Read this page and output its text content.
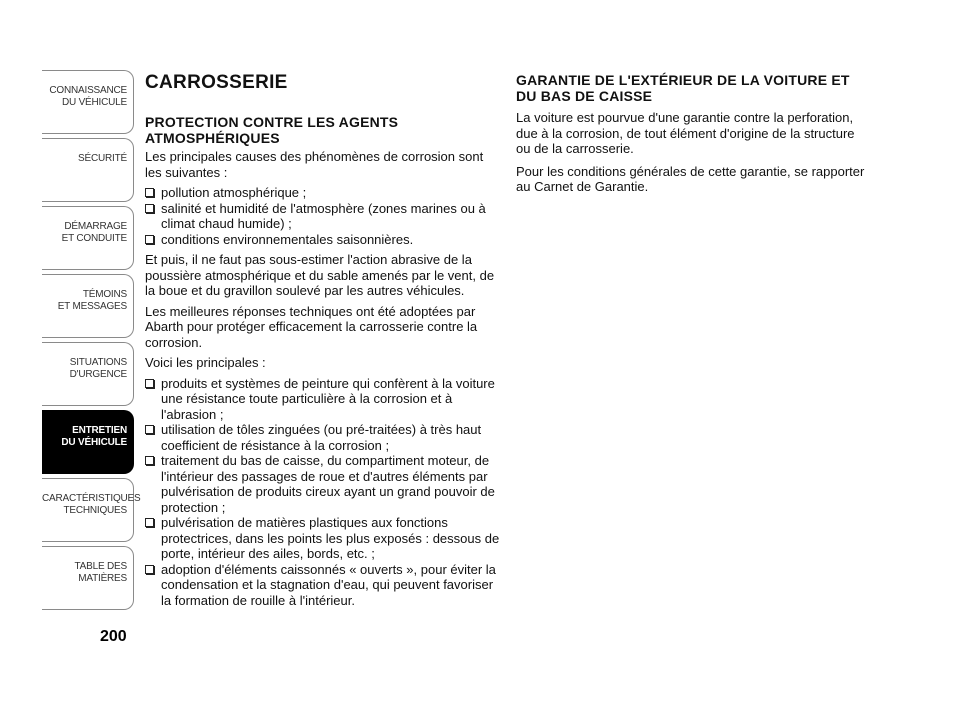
CONNAISSANCE
DU VÉHICULE
SÉCURITÉ
DÉMARRAGE
ET CONDUITE
TÉMOINS
ET MESSAGES
SITUATIONS
D'URGENCE
ENTRETIEN
DU VÉHICULE
CARACTÉRISTIQUES
TECHNIQUES
TABLE DES
MATIÈRES
200
CARROSSERIE
PROTECTION CONTRE LES AGENTS ATMOSPHÉRIQUES

Les principales causes des phénomènes de corrosion sont les suivantes :

pollution atmosphérique ;
salinité et humidité de l'atmosphère (zones marines ou à climat chaud humide) ;
conditions environnementales saisonnières.

Et puis, il ne faut pas sous-estimer l'action abrasive de la poussière atmosphérique et du sable amenés par le vent, de la boue et du gravillon soulevé par les autres véhicules.

Les meilleures réponses techniques ont été adoptées par Abarth pour protéger efficacement la carrosserie contre la corrosion.

Voici les principales :

produits et systèmes de peinture qui confèrent à la voiture une résistance toute particulière à la corrosion et à l'abrasion ;
utilisation de tôles zinguées (ou pré-traitées) à très haut coefficient de résistance à la corrosion ;
traitement du bas de caisse, du compartiment moteur, de l'intérieur des passages de roue et d'autres éléments par pulvérisation de produits cireux ayant un grand pouvoir de protection ;
pulvérisation de matières plastiques aux fonctions protectrices, dans les points les plus exposés : dessous de porte, intérieur des ailes, bords, etc. ;
adoption d'éléments caissonnés « ouverts », pour éviter la condensation et la stagnation d'eau, qui peuvent favoriser la formation de rouille à l'intérieur.
GARANTIE DE L'EXTÉRIEUR DE LA VOITURE ET DU BAS DE CAISSE

La voiture est pourvue d'une garantie contre la perforation, due à la corrosion, de tout élément d'origine de la structure ou de la carrosserie.

Pour les conditions générales de cette garantie, se rapporter au Carnet de Garantie.
